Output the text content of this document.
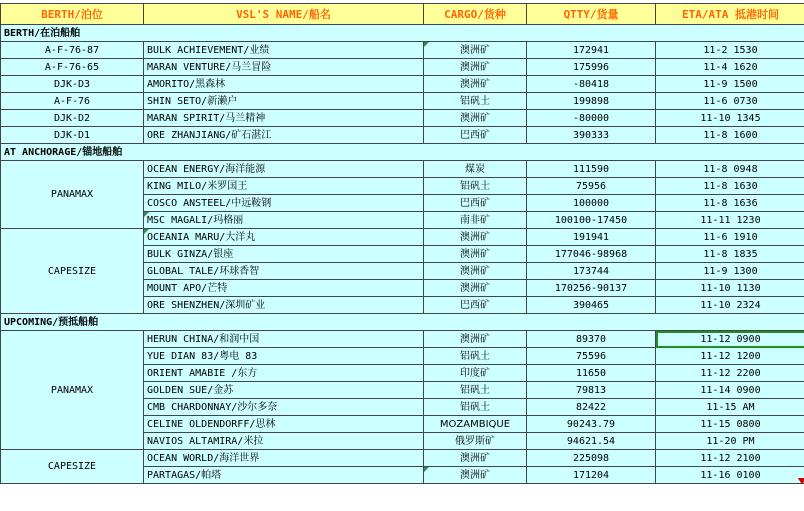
BERTH/泊位	VSL'S NAME/船名	CARGO/货种	QTTY/货量	ETA/ATA 抵港时间
BERTH/在泊船舶				
A-F-76-87	BULK ACHIEVEMENT/业绩	澳洲矿	172941	11-2 1530
A-F-76-65	MARAN VENTURE/马兰冒险	澳洲矿	175996	11-4 1620
DJK-D3	AMORITO/黑森林	澳洲矿	-80418	11-9 1500
A-F-76	SHIN SETO/新濑户	铝矾土	199898	11-6 0730
DJK-D2	MARAN SPIRIT/马兰精神	澳洲矿	-80000	11-10 1345
DJK-D1	ORE ZHANJIANG/矿石湛江	巴西矿	390333	11-8 1600
AT ANCHORAGE/锚地船舶				
PANAMAX	OCEAN ENERGY/海洋能源	煤炭	111590	11-8 0948
	KING MILO/米罗国王	铝矾土	75956	11-8 1630
	COSCO ANSTEEL/中远鞍钢	巴西矿	100000	11-8 1636
	MSC MAGALI/玛格丽	南非矿	100100-17450	11-11 1230
CAPESIZE	OCEANIA MARU/大洋丸	澳洲矿	191941	11-6 1910
	BULK GINZA/银座	澳洲矿	177046-98968	11-8 1835
	GLOBAL TALE/环球香智	澳洲矿	173744	11-9 1300
	MOUNT APO/芒特	澳洲矿	170256-90137	11-10 1130
	ORE SHENZHEN/深圳矿业	巴西矿	390465	11-10 2324
UPCOMING/预抵船舶				
PANAMAX	HERUN CHINA/和润中国	澳洲矿	89370	11-12 0900
	YUE DIAN 83/粤电 83	铝矾土	75596	11-12 1200
	ORIENT AMABIE /东方	印度矿	11650	11-12 2200
	GOLDEN SUE/金苏	铝矾土	79813	11-14 0900
	CMB CHARDONNAY/沙尔多奈	铝矾土	82422	11-15 AM
	CELINE OLDENDORFF/思林	MOZAMBIQUE	90243.79	11-15 0800
	NAVIOS ALTAMIRA/米拉	俄罗斯矿	94621.54	11-20 PM
CAPESIZE	OCEAN WORLD/海洋世界	澳洲矿	225098	11-12 2100
	PARTAGAS/帕塔	澳洲矿	171204	11-16 0100
